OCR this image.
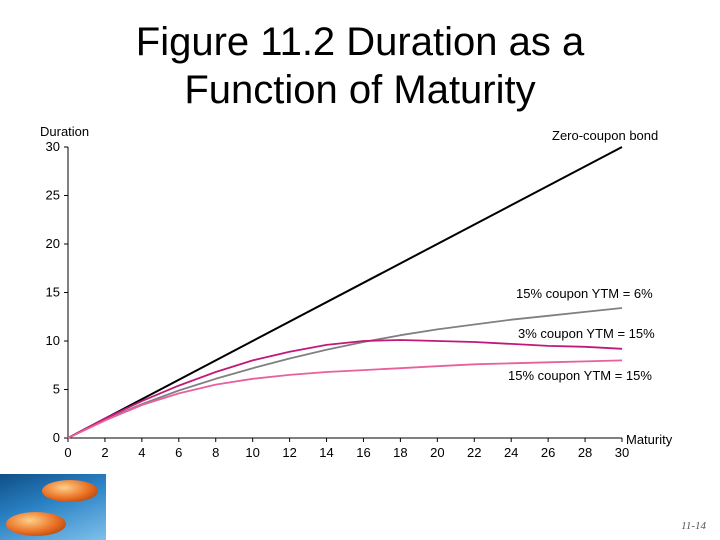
Figure 11.2 Duration as a
Function of Maturity
0 2 4 6 8 10 12 14 16 18 20 22 24 26 28 30
0
5
10
15
20
25
30
Duration
Maturity
Zero-coupon bond
15% coupon YTM = 6%
3% coupon YTM = 15%
15% coupon YTM = 15%
11-14
